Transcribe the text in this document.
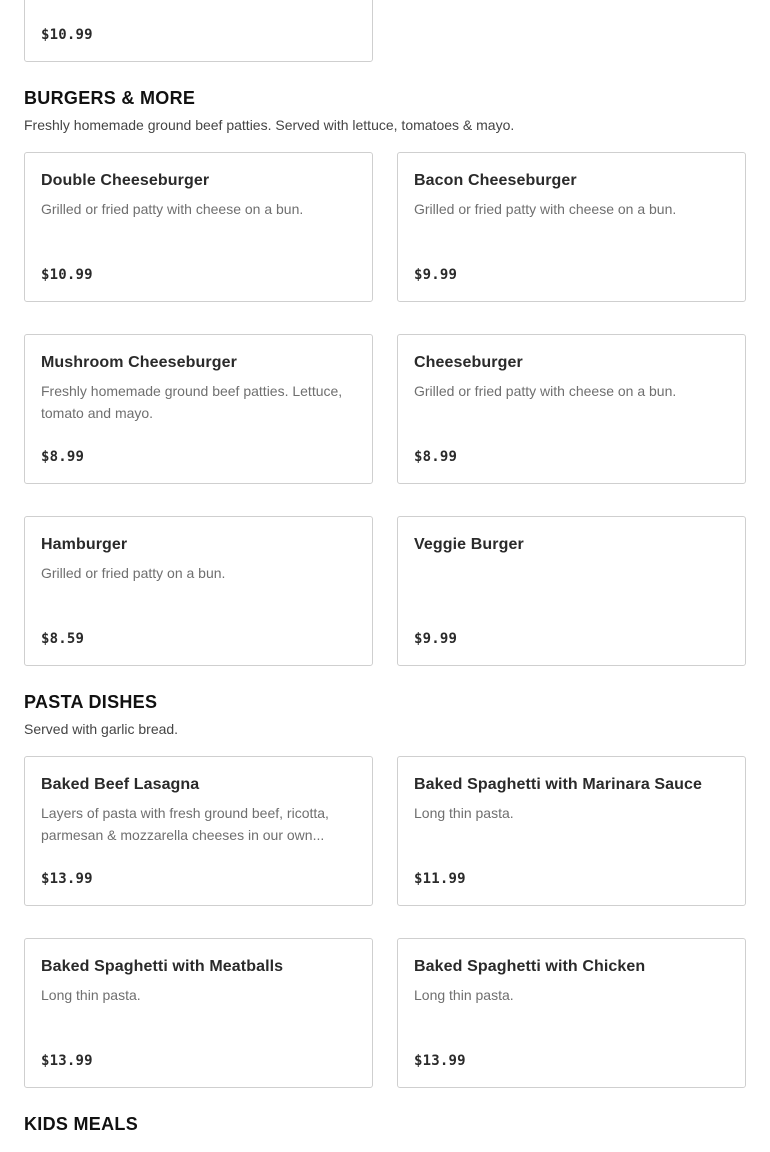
$10.99
BURGERS & MORE

Freshly homemade ground beef patties. Served with lettuce, tomatoes & mayo.

Double Cheeseburger
Grilled or fried patty with cheese on a bun.
$10.99
Bacon Cheeseburger
Grilled or fried patty with cheese on a bun.
$9.99
Mushroom Cheeseburger
Freshly homemade ground beef patties. Lettuce, tomato and mayo.
$8.99
Cheeseburger
Grilled or fried patty with cheese on a bun.
$8.99
Hamburger
Grilled or fried patty on a bun.
$8.59
Veggie Burger
$9.99
PASTA DISHES

Served with garlic bread.

Baked Beef Lasagna
Layers of pasta with fresh ground beef, ricotta, parmesan & mozzarella cheeses in our own...
$13.99
Baked Spaghetti with Marinara Sauce
Long thin pasta.
$11.99
Baked Spaghetti with Meatballs
Long thin pasta.
$13.99
Baked Spaghetti with Chicken
Long thin pasta.
$13.99
KIDS MEALS
